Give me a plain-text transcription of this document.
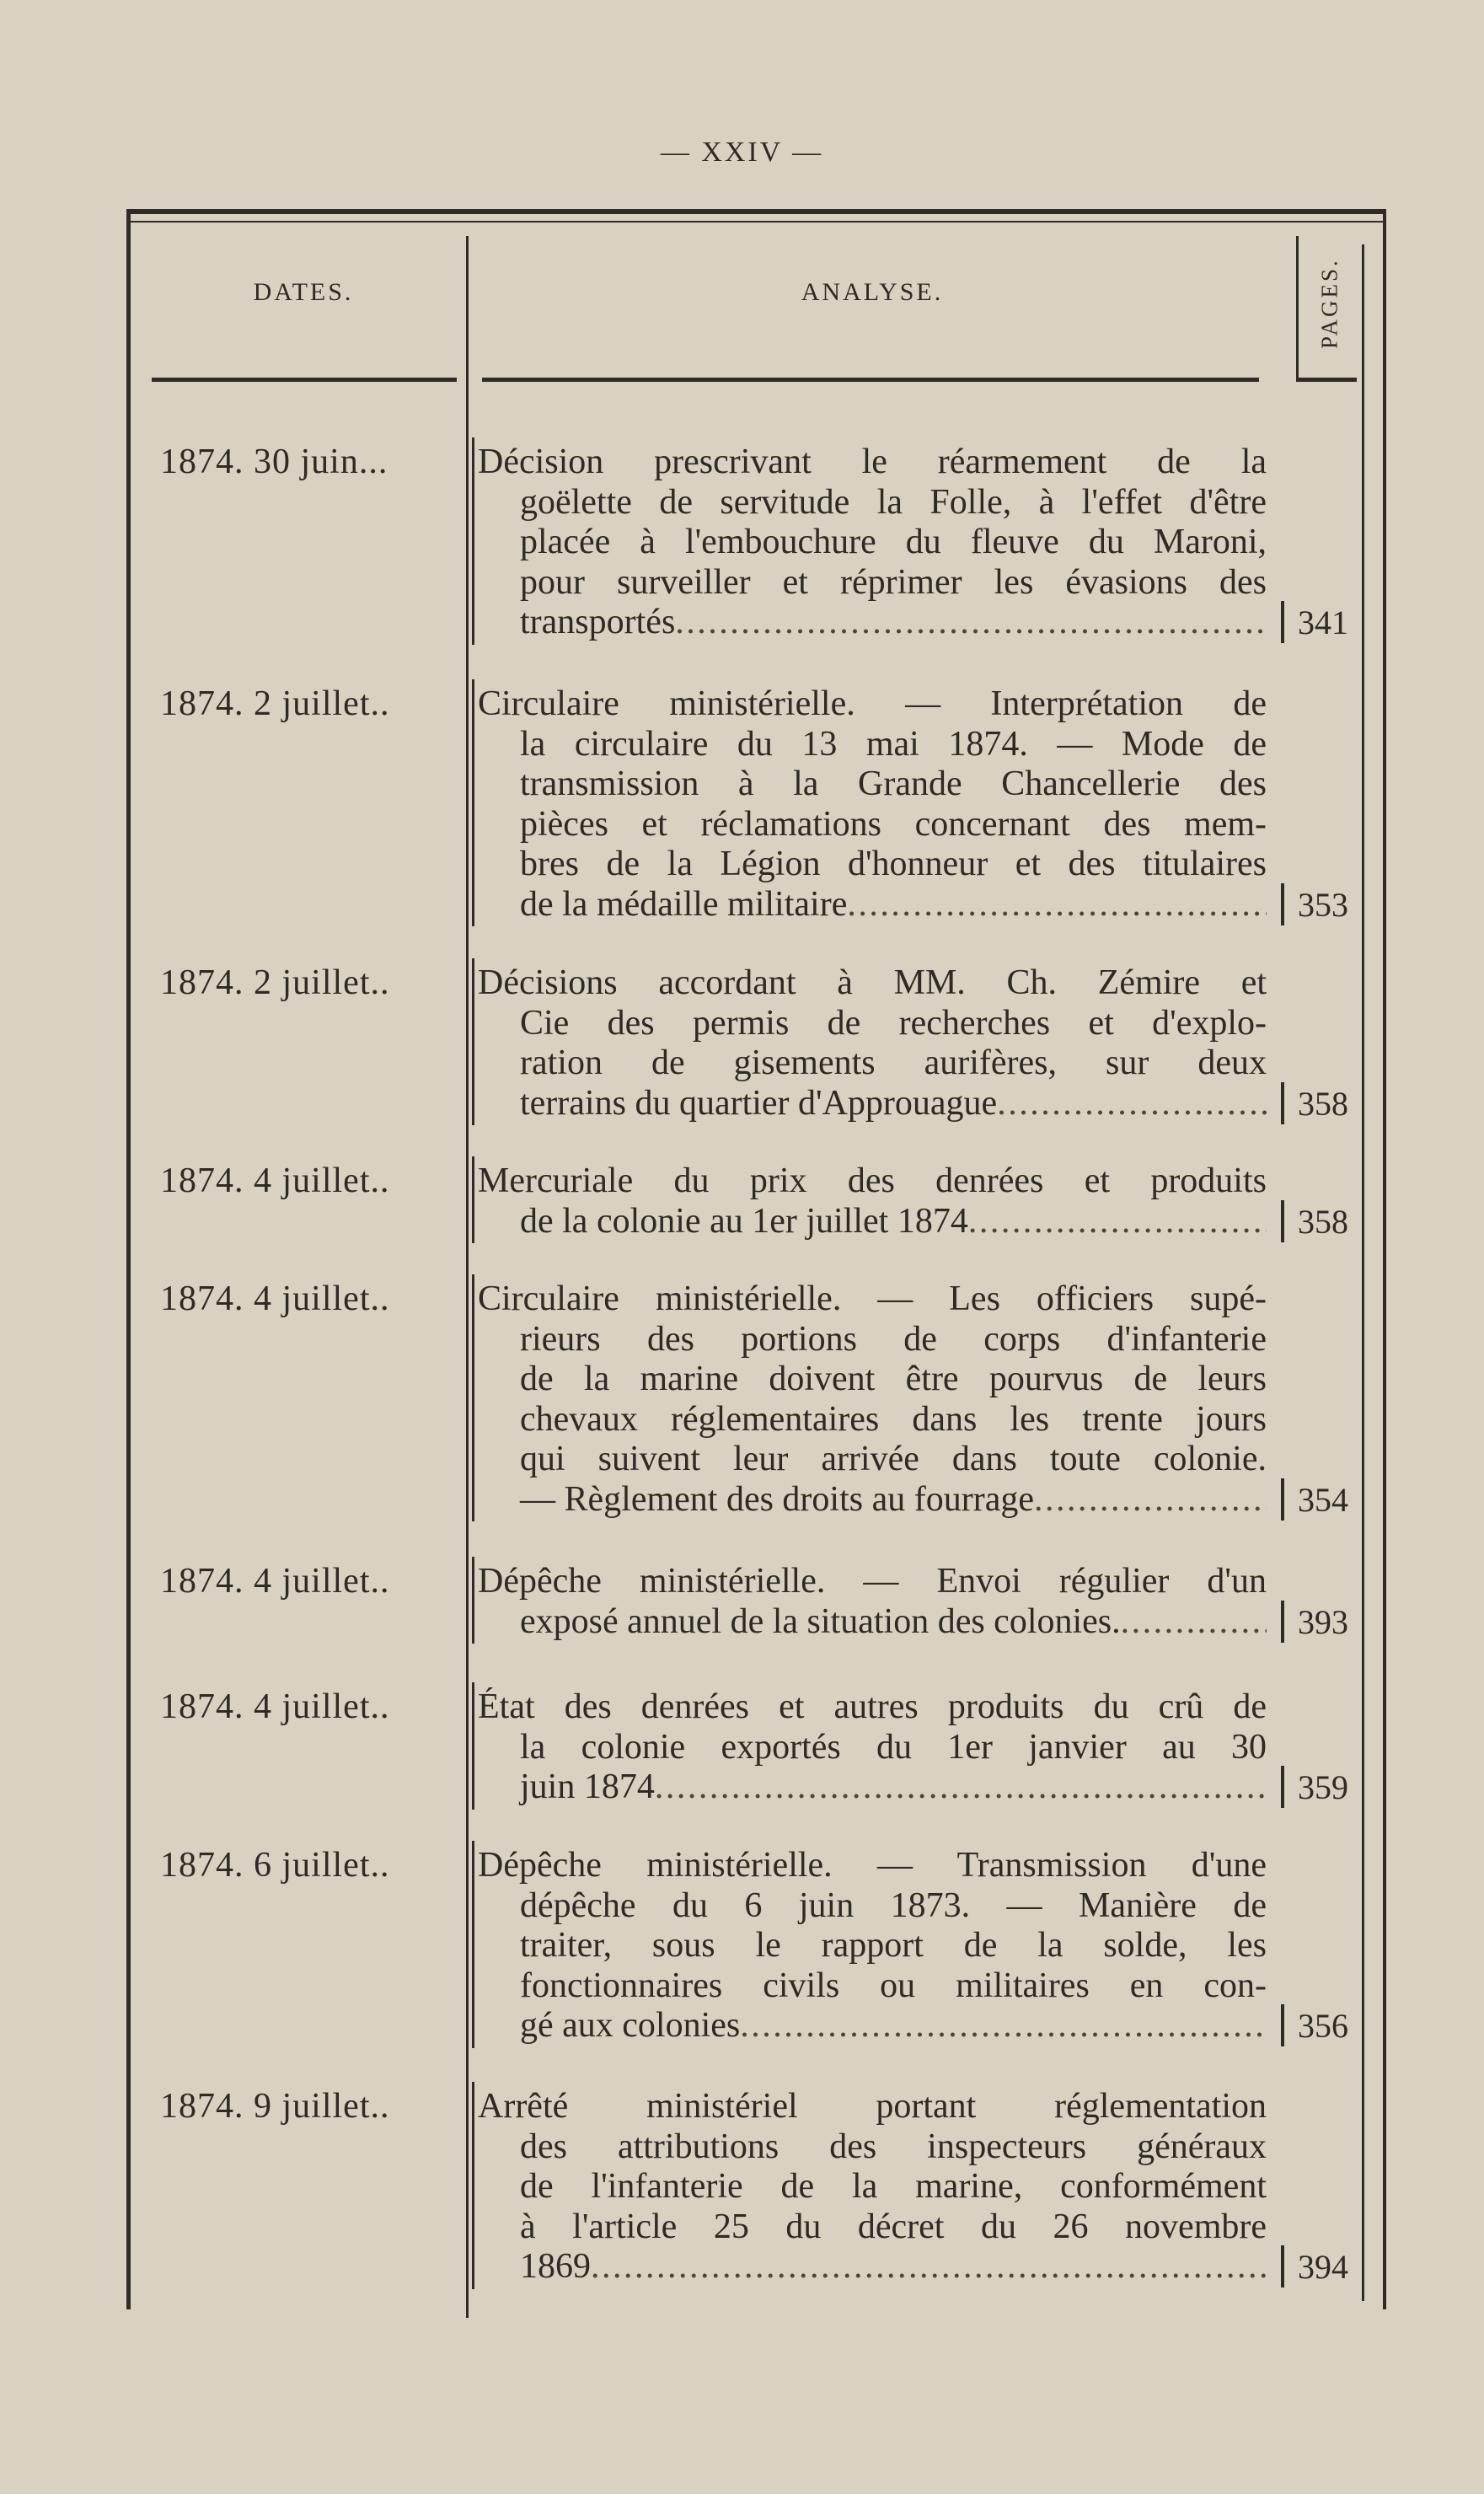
— XXIV —
DATES.	ANALYSE.	PAGES.
1874. 30 juin...	Décision prescrivant le réarmement de la
goëlette de servitude la Folle, à l'effet d'être
placée à l'embouchure du fleuve du Maroni,
pour surveiller et réprimer les évasions des
transportés . . .	341
1874. 2 juillet..	Circulaire ministérielle. — Interprétation de
la circulaire du 13 mai 1874. — Mode de
transmission à la Grande Chancellerie des
pièces et réclamations concernant des mem-
bres de la Légion d'honneur et des titulaires
de la médaille militaire . . .	353
1874. 2 juillet..	Décisions accordant à MM. Ch. Zémire et
Cie des permis de recherches et d'explo-
ration de gisements aurifères, sur deux
terrains du quartier d'Approuague . . .	358
1874. 4 juillet..	Mercuriale du prix des denrées et produits
de la colonie au 1er juillet 1874 . . .	358
1874. 4 juillet..	Circulaire ministérielle. — Les officiers supé-
rieurs des portions de corps d'infanterie
de la marine doivent être pourvus de leurs
chevaux réglementaires dans les trente jours
qui suivent leur arrivée dans toute colonie.
— Règlement des droits au fourrage . . .	354
1874. 4 juillet..	Dépêche ministérielle. — Envoi régulier d'un
exposé annuel de la situation des colonies. . . .	393
1874. 4 juillet..	État des denrées et autres produits du crû de
la colonie exportés du 1er janvier au 30
juin 1874 . . .	359
1874. 6 juillet..	Dépêche ministérielle. — Transmission d'une
dépêche du 6 juin 1873. — Manière de
traiter, sous le rapport de la solde, les
fonctionnaires civils ou militaires en con-
gé aux colonies . . .	356
1874. 9 juillet..	Arrêté ministériel portant réglementation
des attributions des inspecteurs généraux
de l'infanterie de la marine, conformément
à l'article 25 du décret du 26 novembre
1869 . . .	394
